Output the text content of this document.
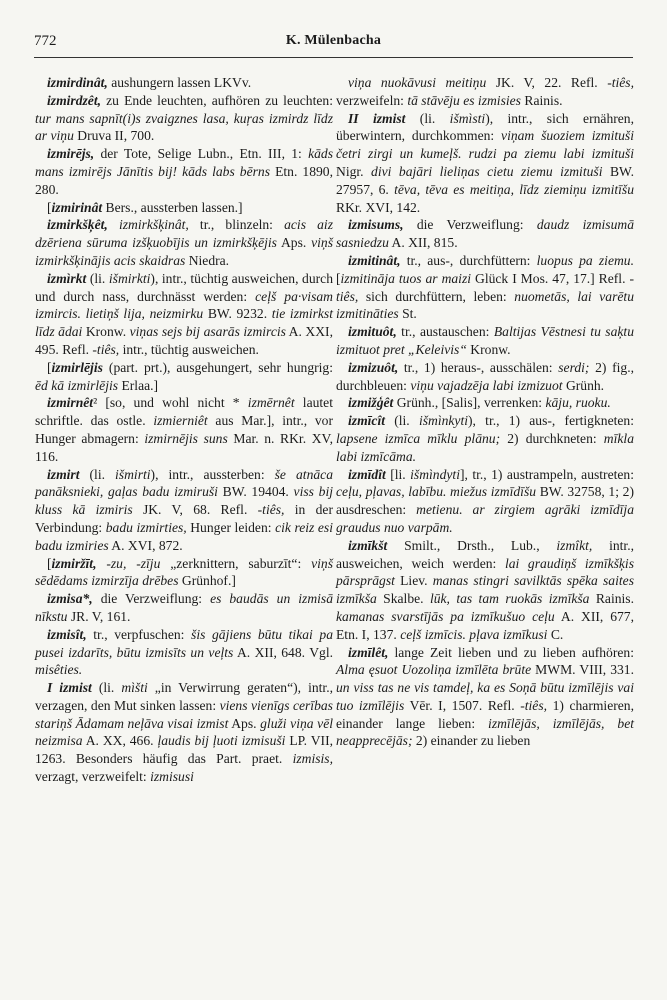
772	K. Mülenbacha

izmirdinât, aushungern lassen LKVv.

izmirdzêt, zu Ende leuchten, aufhören zu leuchten: tur mans sapnīt(i)s zvaigznes lasa, kuŗas izmirdz līdz ar viņu Druva II, 700.

izmirējs, der Tote, Selige Lubn., Etn. III, 1: kāds mans izmirējs Jānītis bij! kāds labs bērns Etn. 1890, 280.

[izmirinât Bers., aussterben lassen.]

izmirkšķêt, izmirkšķinât, tr., blinzeln: acis aiz dzēriena sūruma izšķuobījis un izmirkšķējis Aps. viņš izmirkšķinājis acis skaidras Niedra.

izmìrkt (li. išmirkti), intr., tüchtig ausweichen, durch und durch nass, durchnässt werden: ceļš pa·visam izmircis. lietiņš lija, neizmirku BW. 9232. tie izmirkst līdz ādai Kronw. viņas sejs bij asarās izmircis A. XXI, 495. Refl. -tiês, intr., tüchtig ausweichen.

[izmirlējis (part. prt.), ausgehungert, sehr hungrig: ēd kā izmirlējis Erlaa.]

izmirnêt² [so, und wohl nicht * izmērnêt lautet schriftle. das ostle. izmierniêt aus Mar.], intr., vor Hunger abmagern: izmirnējis suns Mar. n. RKr. XV, 116.

izmirt (li. išmirti), intr., aussterben: še atnāca panāksnieki, gaļas badu izmiruši BW. 19404. viss bij kluss kā izmiris JK. V, 68. Refl. -tiês, in der Verbindung: badu izmirties, Hunger leiden: cik reiz esi badu izmiries A. XVI, 872.

[izmiržīt, -zu, -zīju „zerknittern, saburzīt“: viņš sēdēdams izmirzīja drēbes Grünhof.]

izmisa*, die Verzweiflung: es baudās un izmisā nīkstu JR. V, 161.

izmisît, tr., verpfuschen: šis gājiens būtu tikai pa pusei izdarīts, būtu izmisīts un veļts A. XII, 648. Vgl. misêties.

I izmist (li. mìšti „in Verwirrung geraten“), intr., verzagen, den Mut sinken lassen: viens vienīgs cerības stariņš Ādamam neļāva visai izmist Aps. gluži viņa vēl neizmisa A. XX, 466. ļaudis bij ļuoti izmisuši LP. VII, 1263. Besonders häufig das Part. praet. izmisis, verzagt, verzweifelt: izmisusi

viņa nuokāvusi meitiņu JK. V, 22. Refl. -tiês, verzweifeln: tā stāvēju es izmisies Rainis.

II izmist (li. išmìsti), intr., sich ernähren, überwintern, durchkommen: viņam šuoziem izmituši četri zirgi un kumeļš. rudzi pa ziemu labi izmituši Nigr. divi bajāri lieliņas cietu ziemu izmituši BW. 27957, 6. tēva, tēva es meitiņa, līdz ziemiņu izmitīšu RKr. XVI, 142.

izmisums, die Verzweiflung: daudz izmisumā sasniedzu A. XII, 815.

izmitinât, tr., aus-, durchfüttern: luopus pa ziemu. [izmitināja tuos ar maizi Glück I Mos. 47, 17.] Refl. -tiês, sich durchfüttern, leben: nuometās, lai varētu izmitināties St.

izmituôt, tr., austauschen: Baltijas Vēstnesi tu saķtu izmituot pret „Keleivis“ Kronw.

izmizuôt, tr., 1) heraus-, ausschälen: serdi; 2) fig., durchbleuen: viņu vajadzēja labi izmizuot Grünh.

izmižģêt Grünh., [Salis], verrenken: kāju, ruoku.

izmīcît (li. išmìnkyti), tr., 1) aus-, fertigkneten: lapsene izmīca mīklu plānu; 2) durchkneten: mīkla labi izmīcāma.

izmīdît [li. išmìndyti], tr., 1) austrampeln, austreten: ceļu, pļavas, labību. miežus izmīdīšu BW. 32758, 1; 2) ausdreschen: metienu. ar zirgiem agrāki izmīdīja graudus nuo varpām.

izmīkšt Smilt., Drsth., Lub., izmîkt, intr., ausweichen, weich werden: lai graudiņš izmīkšķis pārsprāgst Liev. manas stingri savilktās spēka saites izmīkša Skalbe. lūk, tas tam ruokās izmīkša Rainis. kamanas svarstījās pa izmīkušuo ceļu A. XII, 677, Etn. I, 137. ceļš izmīcis. pļava izmīkusi C.

izmīlêt, lange Zeit lieben und zu lieben aufhören: Alma ęsuot Uozoliņa izmīlēta brūte MWM. VIII, 331. un viss tas ne vis tamdeļ, ka es Soņā būtu izmīlējis vai tuo izmīlējis Vēr. I, 1507. Refl. -tiês, 1) charmieren, einander lange lieben: izmīlējās, izmīlējās, bet neapprecējās; 2) einander zu lieben
